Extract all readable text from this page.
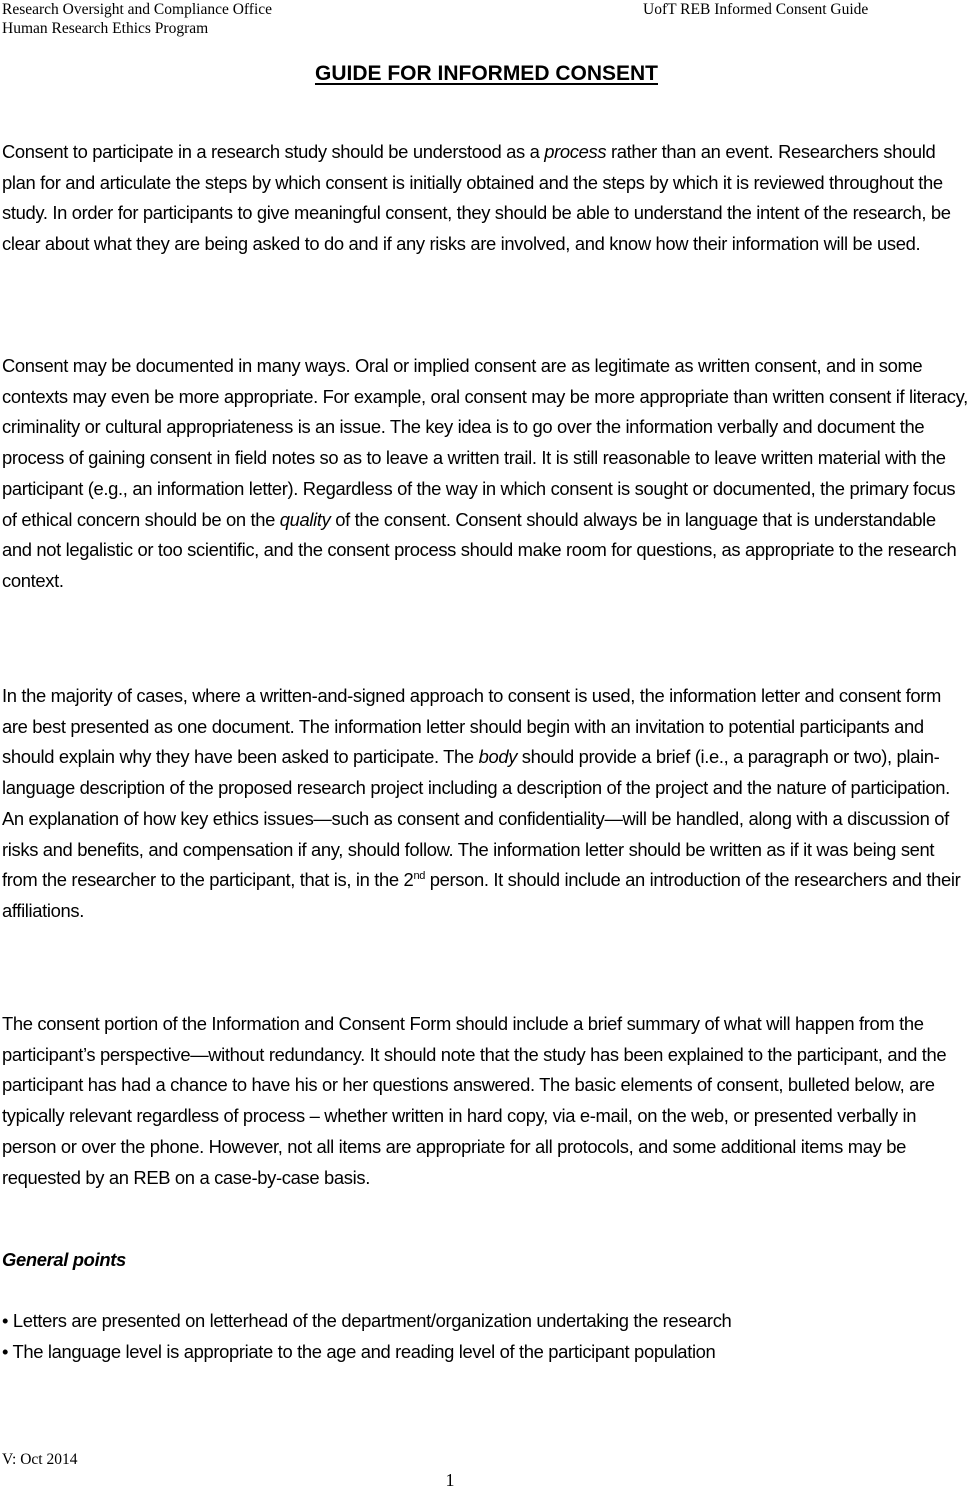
Research Oversight and Compliance Office
Human Research Ethics Program
UofT REB Informed Consent Guide
GUIDE FOR INFORMED CONSENT

Consent to participate in a research study should be understood as a process rather than an event. Researchers should plan for and articulate the steps by which consent is initially obtained and the steps by which it is reviewed throughout the study. In order for participants to give meaningful consent, they should be able to understand the intent of the research, be clear about what they are being asked to do and if any risks are involved, and know how their information will be used.

Consent may be documented in many ways. Oral or implied consent are as legitimate as written consent, and in some contexts may even be more appropriate. For example, oral consent may be more appropriate than written consent if literacy, criminality or cultural appropriateness is an issue. The key idea is to go over the information verbally and document the process of gaining consent in field notes so as to leave a written trail. It is still reasonable to leave written material with the participant (e.g., an information letter). Regardless of the way in which consent is sought or documented, the primary focus of ethical concern should be on the quality of the consent. Consent should always be in language that is understandable and not legalistic or too scientific, and the consent process should make room for questions, as appropriate to the research context.

In the majority of cases, where a written-and-signed approach to consent is used, the information letter and consent form are best presented as one document. The information letter should begin with an invitation to potential participants and should explain why they have been asked to participate. The body should provide a brief (i.e., a paragraph or two), plain-language description of the proposed research project including a description of the project and the nature of participation. An explanation of how key ethics issues—such as consent and confidentiality—will be handled, along with a discussion of risks and benefits, and compensation if any, should follow. The information letter should be written as if it was being sent from the researcher to the participant, that is, in the 2nd person. It should include an introduction of the researchers and their affiliations.

The consent portion of the Information and Consent Form should include a brief summary of what will happen from the participant’s perspective—without redundancy. It should note that the study has been explained to the participant, and the participant has had a chance to have his or her questions answered. The basic elements of consent, bulleted below, are typically relevant regardless of process – whether written in hard copy, via e-mail, on the web, or presented verbally in person or over the phone. However, not all items are appropriate for all protocols, and some additional items may be requested by an REB on a case-by-case basis.

General points
• Letters are presented on letterhead of the department/organization undertaking the research
• The language level is appropriate to the age and reading level of the participant population
V: Oct 2014
1
